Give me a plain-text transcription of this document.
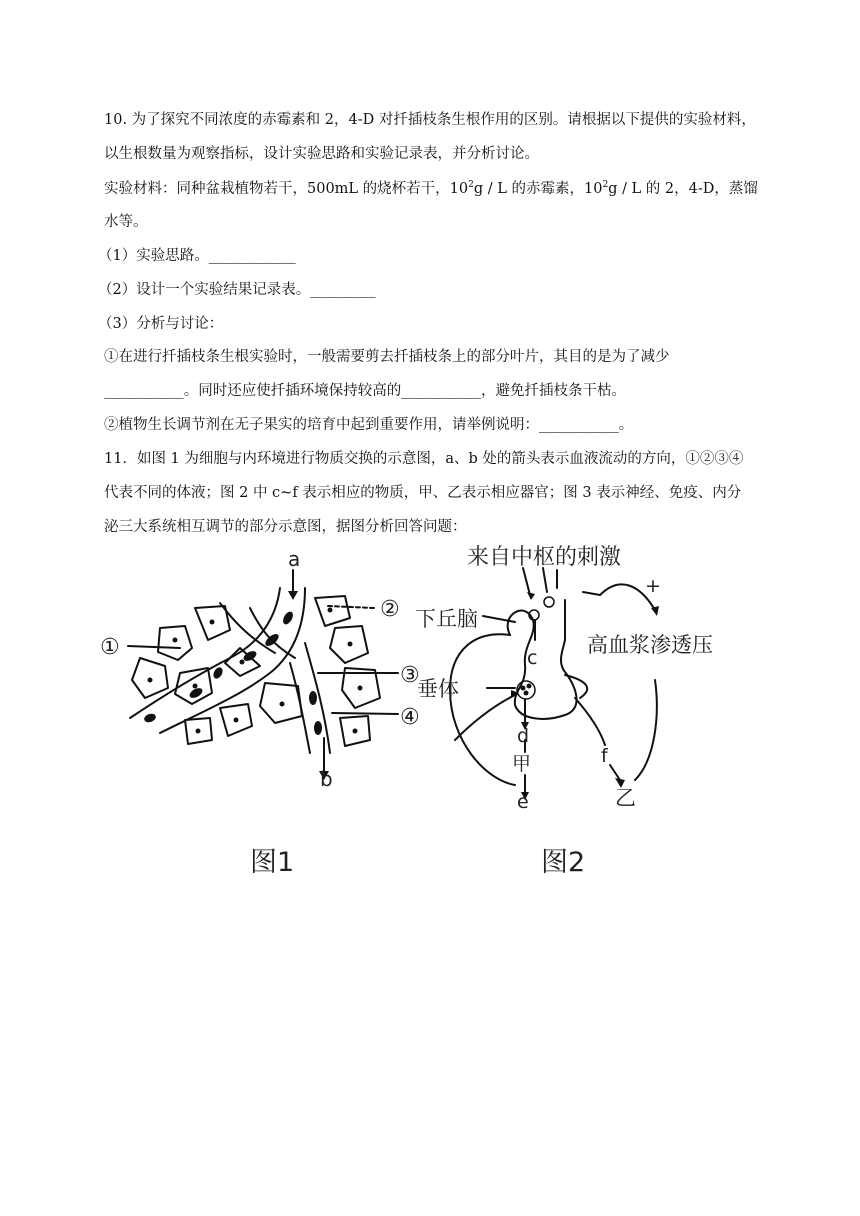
10. 为了探究不同浓度的赤霉素和 2，4-D 对扦插枝条生根作用的区别。请根据以下提供的实验材料，
以生根数量为观察指标，设计实验思路和实验记录表，并分析讨论。
实验材料：同种盆栽植物若干，500mL 的烧杯若干，$10^2g$ / L 的赤霉素，$10^2g$ / L 的 2，4-D，蒸馏
水等。
（1）实验思路。____________
（2）设计一个实验结果记录表。_________
（3）分析与讨论：
①在进行扦插枝条生根实验时，一般需要剪去扦插枝条上的部分叶片，其目的是为了减少
___________。同时还应使扦插环境保持较高的___________，避免扦插枝条干枯。
②植物生长调节剂在无子果实的培育中起到重要作用，请举例说明：___________。
11．如图 1 为细胞与内环境进行物质交换的示意图，a、b 处的箭头表示血液流动的方向，①②③④
代表不同的体液；图 2 中 c~f 表示相应的物质，甲、乙表示相应器官；图 3 表示神经、免疫、内分
泌三大系统相互调节的部分示意图，据图分析回答问题：
a
b
①
②
③
④
来自中枢的刺激
下丘脑
垂体
高血浆渗透压
+
c
d
甲
e
f
乙
图1	图2
